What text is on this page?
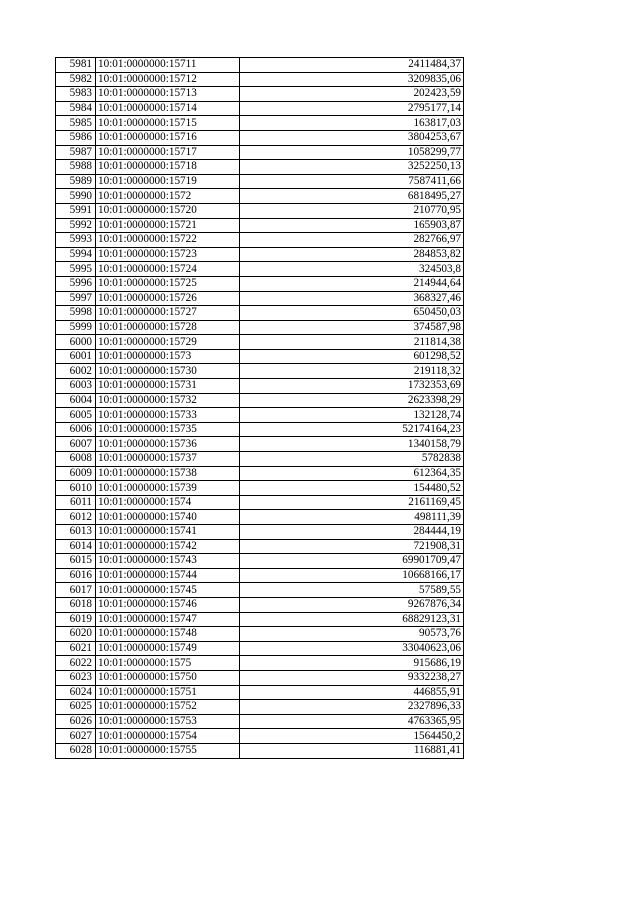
5981	10:01:0000000:15711	2411484,37
5982	10:01:0000000:15712	3209835,06
5983	10:01:0000000:15713	202423,59
5984	10:01:0000000:15714	2795177,14
5985	10:01:0000000:15715	163817,03
5986	10:01:0000000:15716	3804253,67
5987	10:01:0000000:15717	1058299,77
5988	10:01:0000000:15718	3252250,13
5989	10:01:0000000:15719	7587411,66
5990	10:01:0000000:1572	6818495,27
5991	10:01:0000000:15720	210770,95
5992	10:01:0000000:15721	165903,87
5993	10:01:0000000:15722	282766,97
5994	10:01:0000000:15723	284853,82
5995	10:01:0000000:15724	324503,8
5996	10:01:0000000:15725	214944,64
5997	10:01:0000000:15726	368327,46
5998	10:01:0000000:15727	650450,03
5999	10:01:0000000:15728	374587,98
6000	10:01:0000000:15729	211814,38
6001	10:01:0000000:1573	601298,52
6002	10:01:0000000:15730	219118,32
6003	10:01:0000000:15731	1732353,69
6004	10:01:0000000:15732	2623398,29
6005	10:01:0000000:15733	132128,74
6006	10:01:0000000:15735	52174164,23
6007	10:01:0000000:15736	1340158,79
6008	10:01:0000000:15737	5782838
6009	10:01:0000000:15738	612364,35
6010	10:01:0000000:15739	154480,52
6011	10:01:0000000:1574	2161169,45
6012	10:01:0000000:15740	498111,39
6013	10:01:0000000:15741	284444,19
6014	10:01:0000000:15742	721908,31
6015	10:01:0000000:15743	69901709,47
6016	10:01:0000000:15744	10668166,17
6017	10:01:0000000:15745	57589,55
6018	10:01:0000000:15746	9267876,34
6019	10:01:0000000:15747	68829123,31
6020	10:01:0000000:15748	90573,76
6021	10:01:0000000:15749	33040623,06
6022	10:01:0000000:1575	915686,19
6023	10:01:0000000:15750	9332238,27
6024	10:01:0000000:15751	446855,91
6025	10:01:0000000:15752	2327896,33
6026	10:01:0000000:15753	4763365,95
6027	10:01:0000000:15754	1564450,2
6028	10:01:0000000:15755	116881,41
